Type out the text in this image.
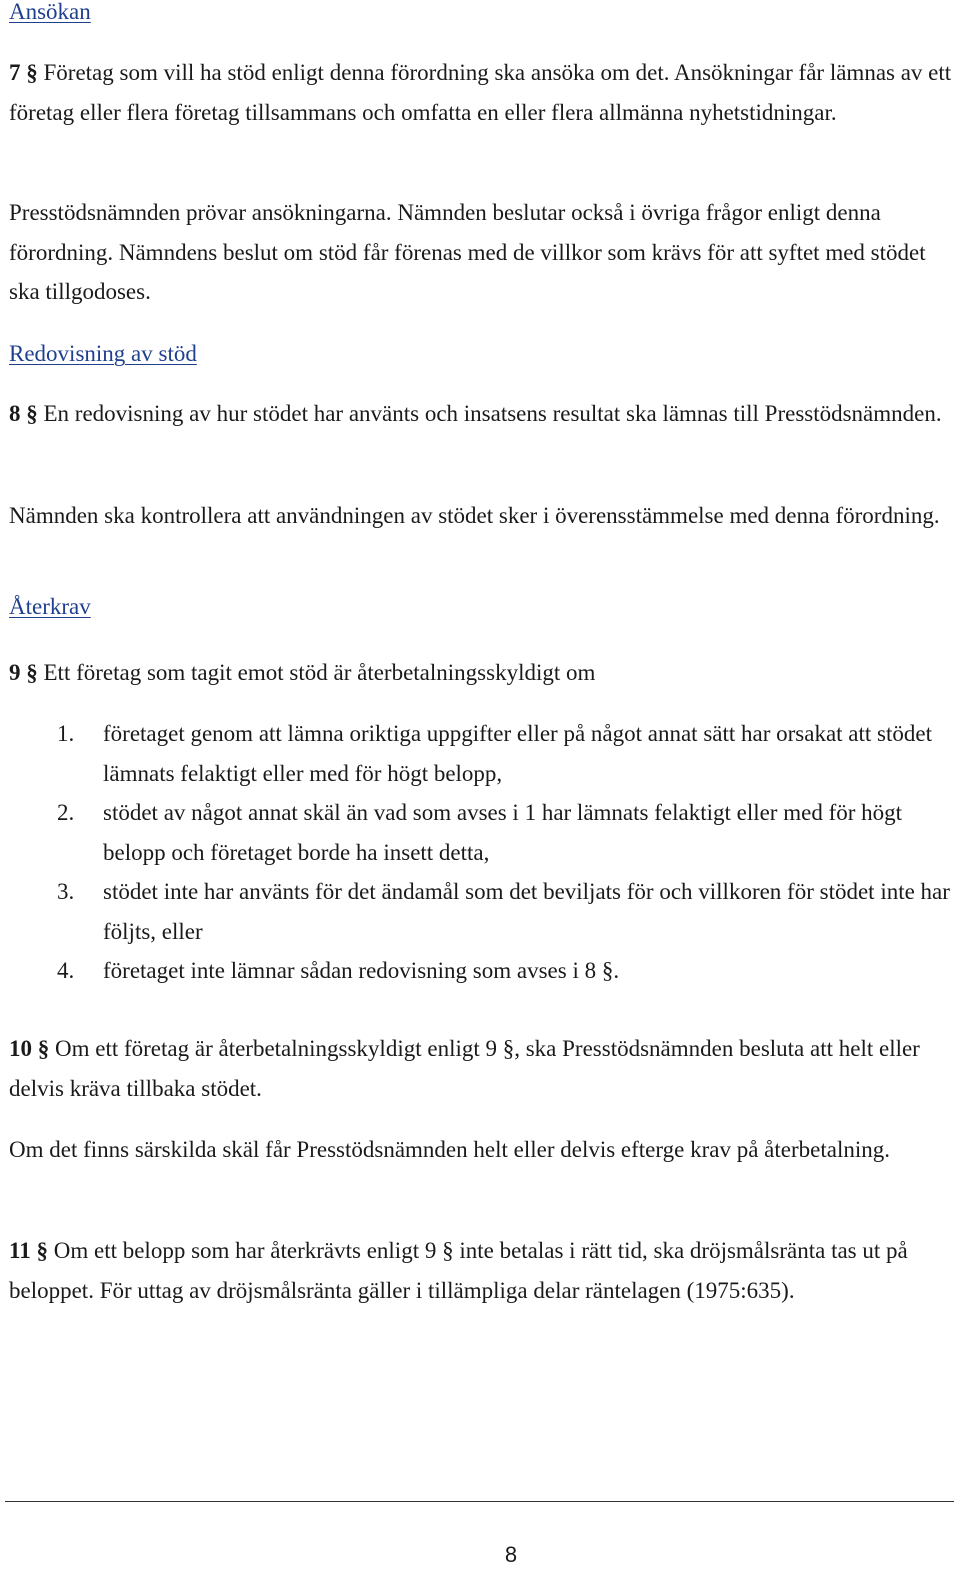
Ansökan

7 § Företag som vill ha stöd enligt denna förordning ska ansöka om det. Ansökningar får lämnas av ett företag eller flera företag tillsammans och omfatta en eller flera allmänna nyhetstidningar.

Presstödsnämnden prövar ansökningarna. Nämnden beslutar också i övriga frågor enligt denna förordning. Nämndens beslut om stöd får förenas med de villkor som krävs för att syftet med stödet ska tillgodoses.

Redovisning av stöd

8 § En redovisning av hur stödet har använts och insatsens resultat ska lämnas till Presstödsnämnden.

Nämnden ska kontrollera att användningen av stödet sker i överensstämmelse med denna förordning.

Återkrav

9 § Ett företag som tagit emot stöd är återbetalningsskyldigt om

1. företaget genom att lämna oriktiga uppgifter eller på något annat sätt har orsakat att stödet lämnats felaktigt eller med för högt belopp,
2. stödet av något annat skäl än vad som avses i 1 har lämnats felaktigt eller med för högt belopp och företaget borde ha insett detta,
3. stödet inte har använts för det ändamål som det beviljats för och villkoren för stödet inte har följts, eller
4. företaget inte lämnar sådan redovisning som avses i 8 §.

10 § Om ett företag är återbetalningsskyldigt enligt 9 §, ska Presstödsnämnden besluta att helt eller delvis kräva tillbaka stödet.

Om det finns särskilda skäl får Presstödsnämnden helt eller delvis efterge krav på återbetalning.

11 § Om ett belopp som har återkrävts enligt 9 § inte betalas i rätt tid, ska dröjsmålsränta tas ut på beloppet. För uttag av dröjsmålsränta gäller i tillämpliga delar räntelagen (1975:635).

8
